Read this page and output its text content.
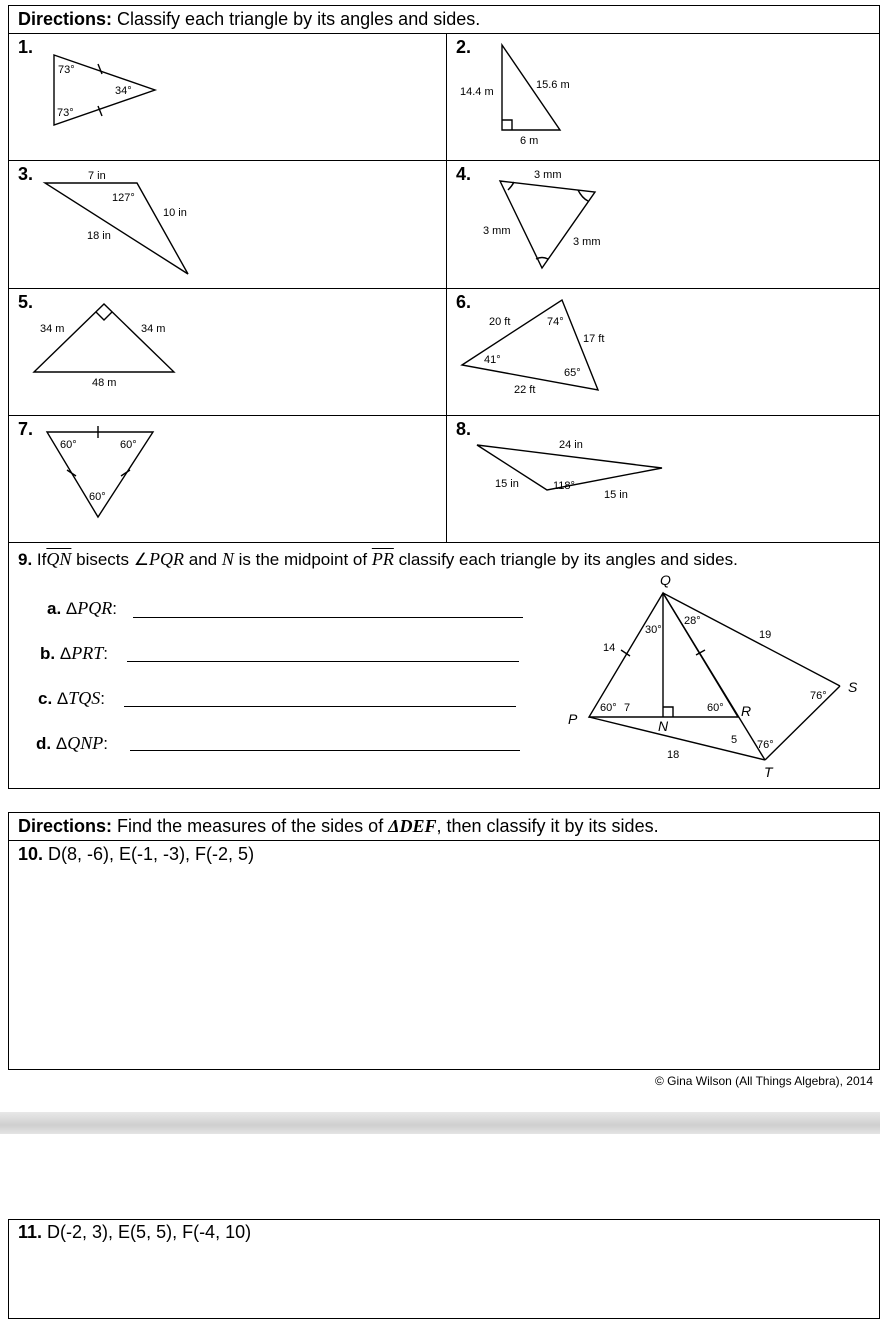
Directions: Classify each triangle by its angles and sides.
1.	2.
3.	4.
5.	6.
7.	8.
73°
73°
34°	14.4 m
15.6 m
6 m
7 in
127°
10 in
18 in
3 mm
3 mm
3 mm
34 m	34 m
48 m
20 ft	74°
17 ft
41°
65°
22 ft
60°	60°
60°
24 in
15 in	118°
15 in
9. $If\overline{QN}$ bisects ∠PQR and N is the midpoint of $\overline{PR}$ classify each triangle by its angles and sides.
a. ΔPQR:
b. ΔPRT:
c. ΔTQS:
d. ΔQNP:
30°
28°
14
19
60° 7	60°
76°
5 76°
18
Q
P	N
R
S
T
Directions: Find the measures of the sides of ΔDEF, then classify it by its sides.
10. D(8, -6), E(-1, -3), F(-2, 5)
© Gina Wilson (All Things Algebra), 2014
11. D(-2, 3), E(5, 5), F(-4, 10)
